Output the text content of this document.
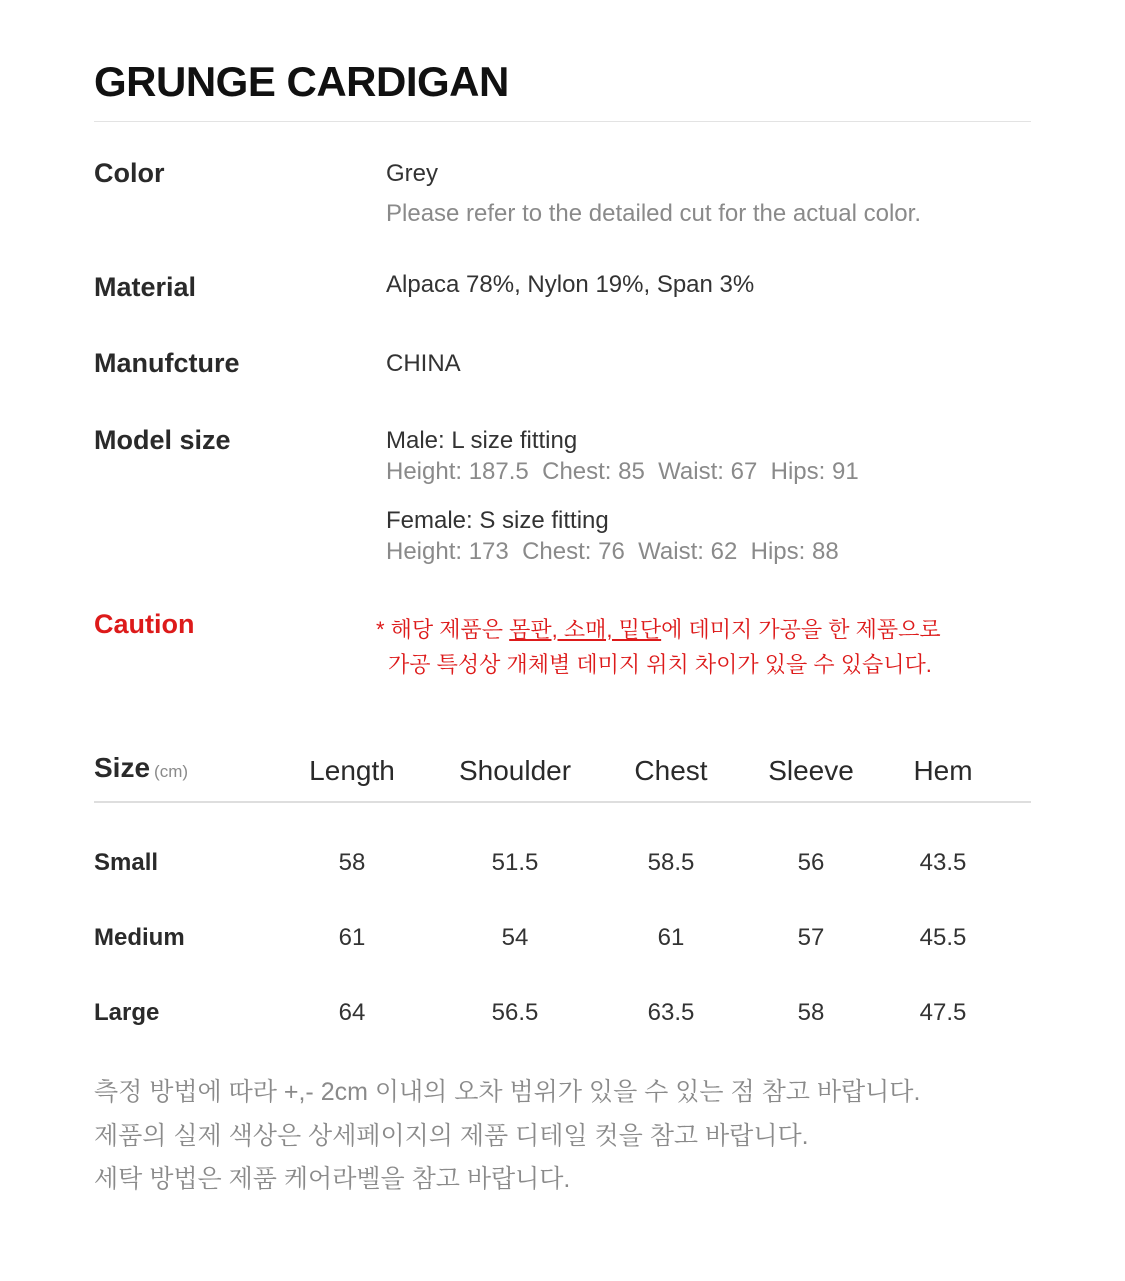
GRUNGE CARDIGAN
Color	Grey
Please refer to the detailed cut for the actual color.
Material	Alpaca 78%, Nylon 19%, Span 3%
Manufcture	CHINA
Model size	Male: L size fitting
Height: 187.5  Chest: 85  Waist: 67  Hips: 91
Female: S size fitting
Height: 173  Chest: 76  Waist: 62  Hips: 88
Caution	* 해당 제품은 몸판, 소매, 밑단에 데미지 가공을 한 제품으로
가공 특성상 개체별 데미지 위치 차이가 있을 수 있습니다.
Size (cm)	Length	Shoulder	Chest	Sleeve	Hem
Small	58	51.5	58.5	56	43.5
Medium	61	54	61	57	45.5
Large	64	56.5	63.5	58	47.5
측정 방법에 따라 +,- 2cm 이내의 오차 범위가 있을 수 있는 점 참고 바랍니다.
제품의 실제 색상은 상세페이지의 제품 디테일 컷을 참고 바랍니다.
세탁 방법은 제품 케어라벨을 참고 바랍니다.
